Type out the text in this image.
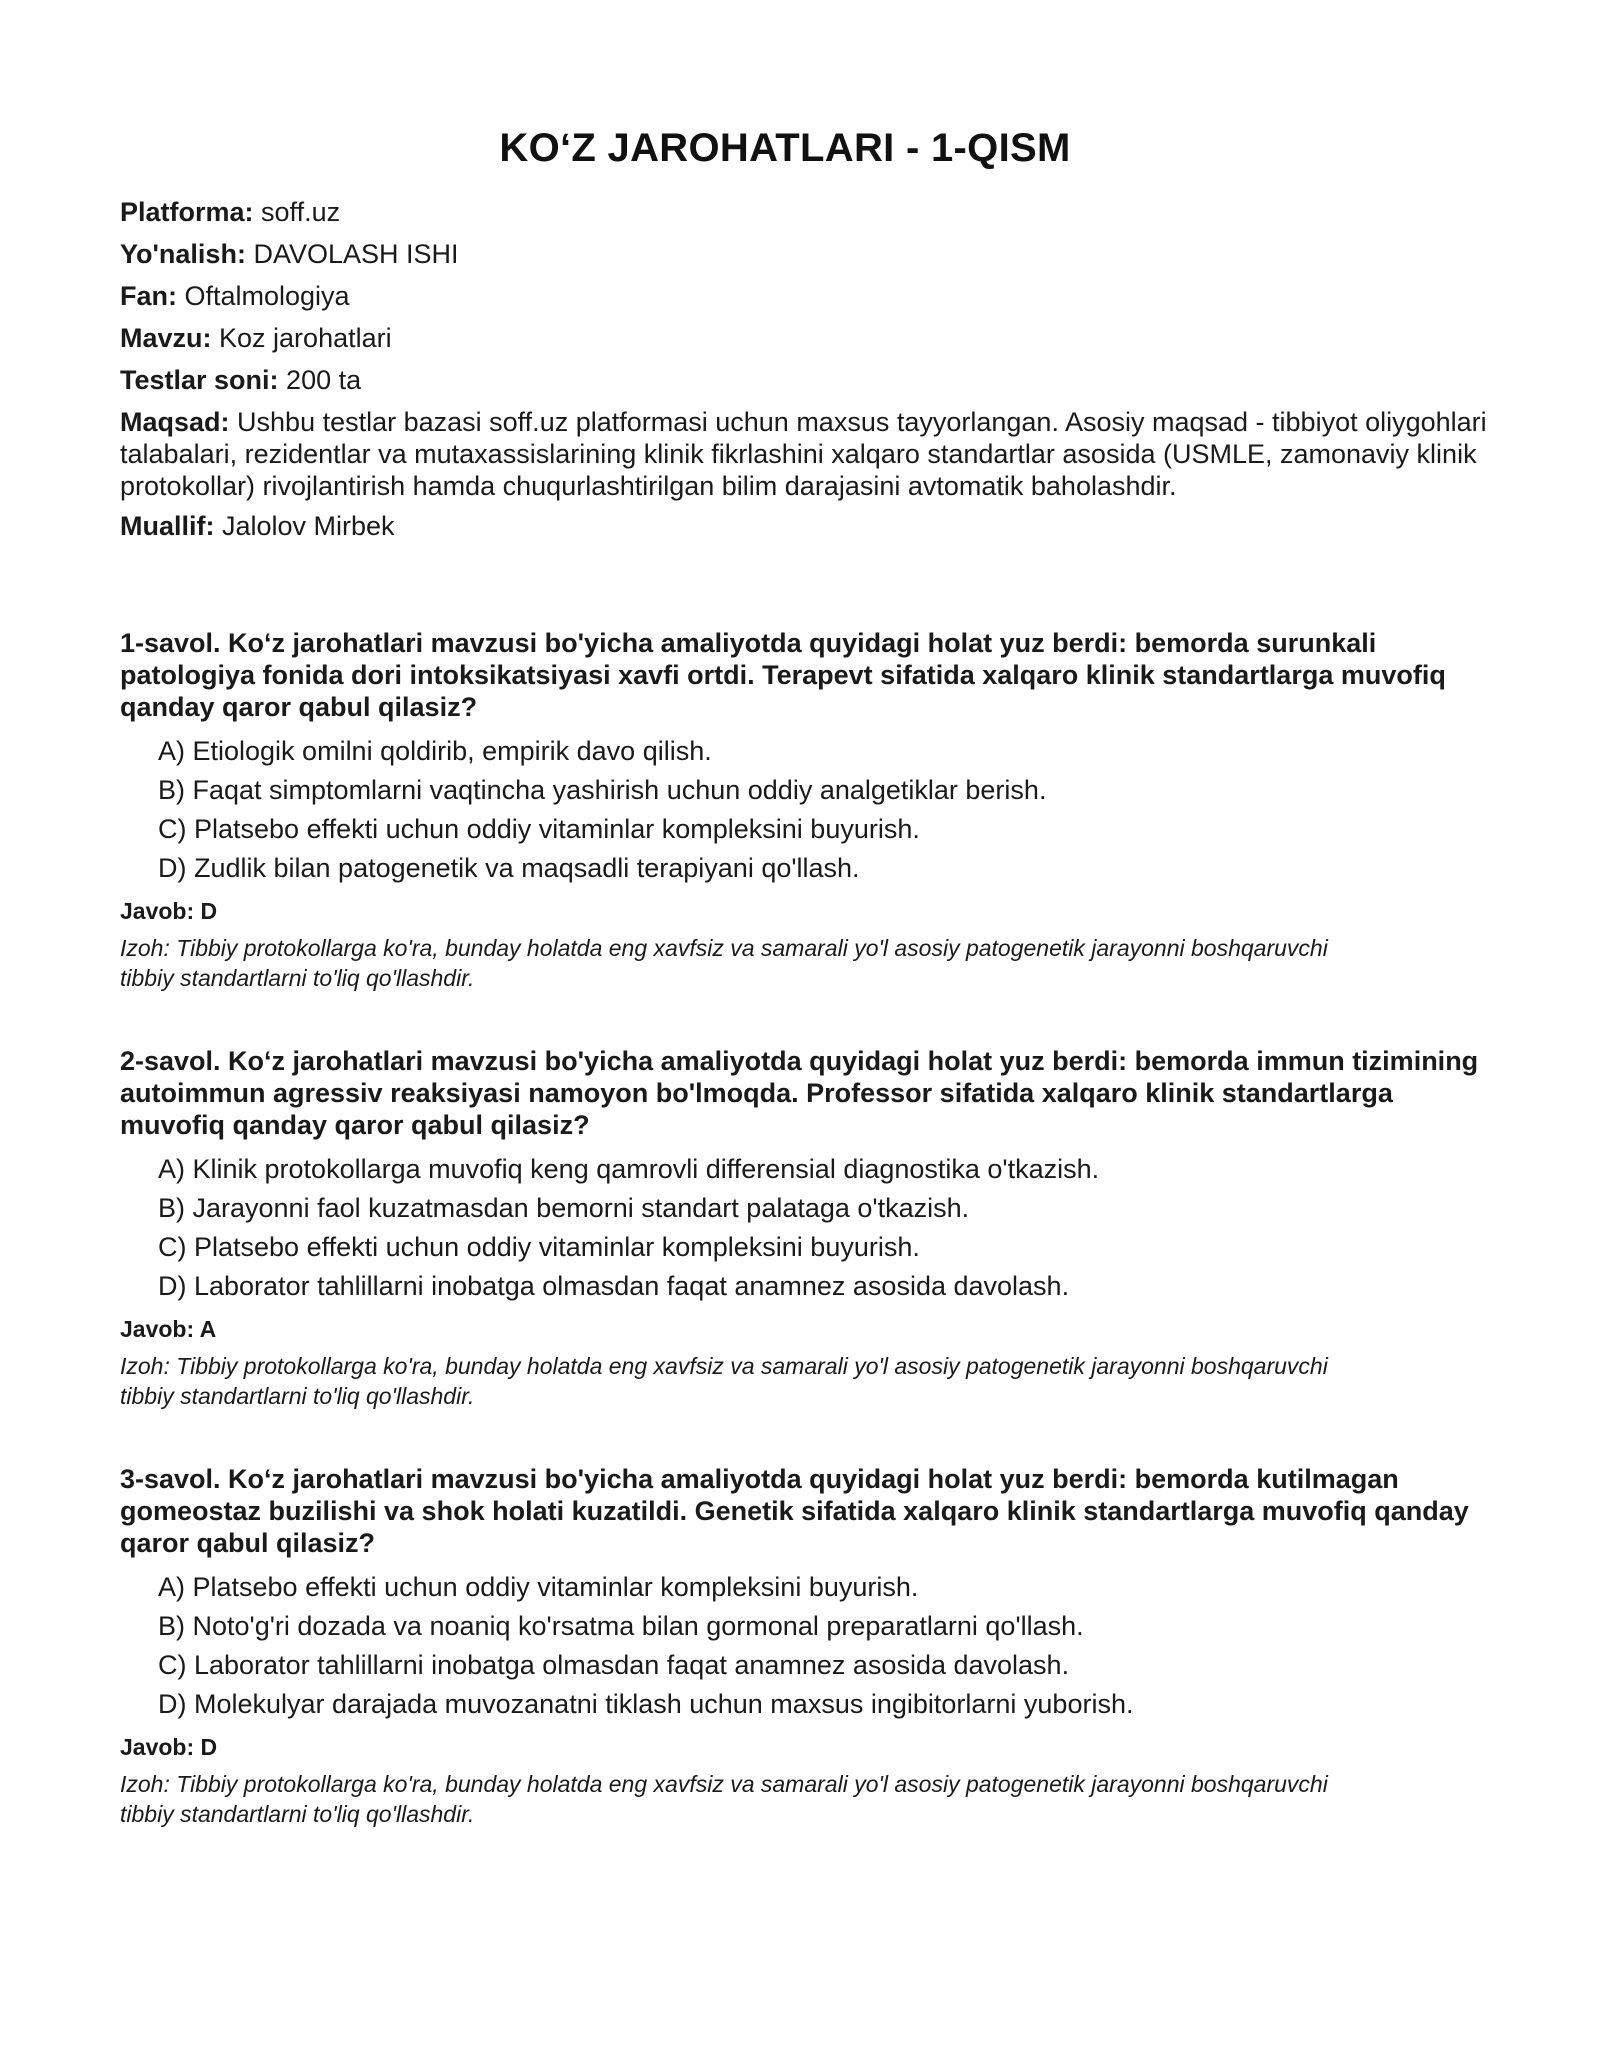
KO‘Z JAROHATLARI - 1-QISM
Platforma: soff.uz
Yo'nalish: DAVOLASH ISHI
Fan: Oftalmologiya
Mavzu: Koz jarohatlari
Testlar soni: 200 ta
Maqsad: Ushbu testlar bazasi soff.uz platformasi uchun maxsus tayyorlangan. Asosiy maqsad - tibbiyot oliygohlari talabalari, rezidentlar va mutaxassislarining klinik fikrlashini xalqaro standartlar asosida (USMLE, zamonaviy klinik protokollar) rivojlantirish hamda chuqurlashtirilgan bilim darajasini avtomatik baholashdir.
Muallif: Jalolov Mirbek
1-savol. Ko‘z jarohatlari mavzusi bo'yicha amaliyotda quyidagi holat yuz berdi: bemorda surunkali patologiya fonida dori intoksikatsiyasi xavfi ortdi. Terapevt sifatida xalqaro klinik standartlarga muvofiq qanday qaror qabul qilasiz?
A) Etiologik omilni qoldirib, empirik davo qilish.
B) Faqat simptomlarni vaqtincha yashirish uchun oddiy analgetiklar berish.
C) Platsebo effekti uchun oddiy vitaminlar kompleksini buyurish.
D) Zudlik bilan patogenetik va maqsadli terapiyani qo'llash.
Javob: D
Izoh: Tibbiy protokollarga ko'ra, bunday holatda eng xavfsiz va samarali yo'l asosiy patogenetik jarayonni boshqaruvchi tibbiy standartlarni to'liq qo'llashdir.
2-savol. Ko‘z jarohatlari mavzusi bo'yicha amaliyotda quyidagi holat yuz berdi: bemorda immun tizimining autoimmun agressiv reaksiyasi namoyon bo'lmoqda. Professor sifatida xalqaro klinik standartlarga muvofiq qanday qaror qabul qilasiz?
A) Klinik protokollarga muvofiq keng qamrovli differensial diagnostika o'tkazish.
B) Jarayonni faol kuzatmasdan bemorni standart palataga o'tkazish.
C) Platsebo effekti uchun oddiy vitaminlar kompleksini buyurish.
D) Laborator tahlillarni inobatga olmasdan faqat anamnez asosida davolash.
Javob: A
Izoh: Tibbiy protokollarga ko'ra, bunday holatda eng xavfsiz va samarali yo'l asosiy patogenetik jarayonni boshqaruvchi tibbiy standartlarni to'liq qo'llashdir.
3-savol. Ko‘z jarohatlari mavzusi bo'yicha amaliyotda quyidagi holat yuz berdi: bemorda kutilmagan gomeostaz buzilishi va shok holati kuzatildi. Genetik sifatida xalqaro klinik standartlarga muvofiq qanday qaror qabul qilasiz?
A) Platsebo effekti uchun oddiy vitaminlar kompleksini buyurish.
B) Noto'g'ri dozada va noaniq ko'rsatma bilan gormonal preparatlarni qo'llash.
C) Laborator tahlillarni inobatga olmasdan faqat anamnez asosida davolash.
D) Molekulyar darajada muvozanatni tiklash uchun maxsus ingibitorlarni yuborish.
Javob: D
Izoh: Tibbiy protokollarga ko'ra, bunday holatda eng xavfsiz va samarali yo'l asosiy patogenetik jarayonni boshqaruvchi tibbiy standartlarni to'liq qo'llashdir.
